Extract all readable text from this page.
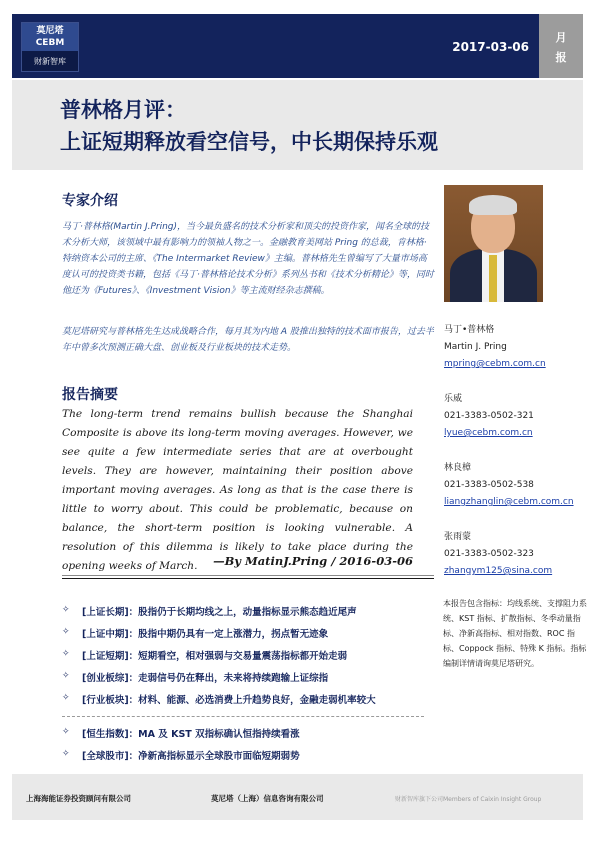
莫尼塔
CEBM
财新智库
2017-03-06
月
报
普林格月评：
上证短期释放看空信号，中长期保持乐观
专家介绍
马丁·普林格(Martin J.Pring)，当今最负盛名的技术分析家和顶尖的投资作家，闻名全球的技术分析大师，该领域中最有影响力的领袖人物之一。金融教育美网站 Pring 的总裁，肯林格·特纳资本公司的主席、《The Intermarket Review》主编。普林格先生曾编写了大量市场高度认可的投资类书籍，包括《马丁·普林格论技术分析》系列丛书和《技术分析精论》等，同时他还为《Futures》、《Investment Vision》等主流财经杂志撰稿。
莫尼塔研究与普林格先生达成战略合作，每月其为内地 A 股推出独特的技术面市报告，过去半年中曾多次预测正确大盘、创业板及行业板块的技术走势。
报告摘要
The long-term trend remains bullish because the Shanghai Composite is above its long-term moving averages. However, we see quite a few intermediate series that are at overbought levels. They are however, maintaining their position above important moving averages. As long as that is the case there is little to worry about. This could be problematic, because on balance, the short-term position is looking vulnerable. A resolution of this dilemma is likely to take place during the opening weeks of March.	—By MatinJ.Pring / 2016-03-06
✧ [上证长期]：股指仍于长期均线之上，动量指标显示熊态趋近尾声
✧ [上证中期]：股指中期仍具有一定上涨潜力，拐点暂无迹象
✧ [上证短期]：短期看空，相对强弱与交易量震荡指标都开始走弱
✧ [创业板综]：走弱信号仍在释出，未来将持续跑输上证综指
✧ [行业板块]：材料、能源、必选消费上升趋势良好，金融走弱机率较大
✧ [恒生指数]：MA 及 KST 双指标确认恒指持续看涨
✧ [全球股市]：净新高指标显示全球股市面临短期弱势
马丁•普林格
Martin J. Pring
mpring@cebm.com.cn
乐威
021-3383-0502-321
lyue@cebm.com.cn
林良樟
021-3383-0502-538
liangzhanglin@cebm.com.cn
张雨蒙
021-3383-0502-323
zhangym125@sina.com
本报告包含指标：均线系统、支撑阻力系统、KST 指标、扩散指标、冬季动量指标、净新高指标、相对指数、ROC 指标、Coppock 指标、特殊 K 指标。指标编制详情请询莫尼塔研究。
上海海能证券投资顾问有限公司	莫尼塔（上海）信息咨询有限公司	财新智库旗下公司Members of Caixin Insight Group
